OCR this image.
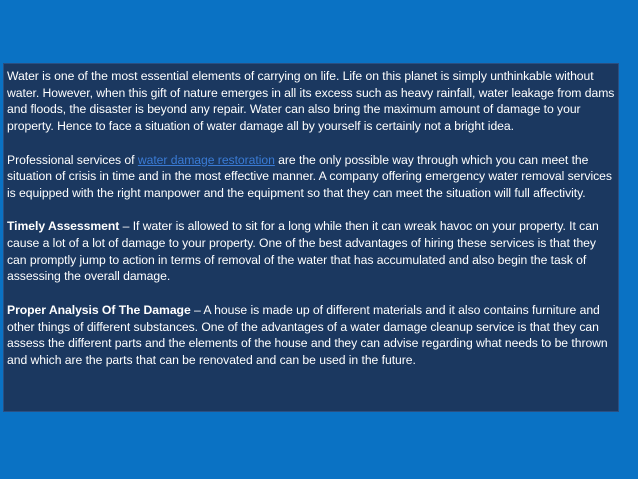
Water is one of the most essential elements of carrying on life. Life on this planet is simply unthinkable without water. However, when this gift of nature emerges in all its excess such as heavy rainfall, water leakage from dams and floods, the disaster is beyond any repair. Water can also bring the maximum amount of damage to your property. Hence to face a situation of water damage all by yourself is certainly not a bright idea.

Professional services of water damage restoration are the only possible way through which you can meet the situation of crisis in time and in the most effective manner. A company offering emergency water removal services is equipped with the right manpower and the equipment so that they can meet the situation will full affectivity.

Timely Assessment – If water is allowed to sit for a long while then it can wreak havoc on your property. It can cause a lot of a lot of damage to your property. One of the best advantages of hiring these services is that they can promptly jump to action in terms of removal of the water that has accumulated and also begin the task of assessing the overall damage.

Proper Analysis Of The Damage – A house is made up of different materials and it also contains furniture and other things of different substances. One of the advantages of a water damage cleanup service is that they can assess the different parts and the elements of the house and they can advise regarding what needs to be thrown and which are the parts that can be renovated and can be used in the future.
